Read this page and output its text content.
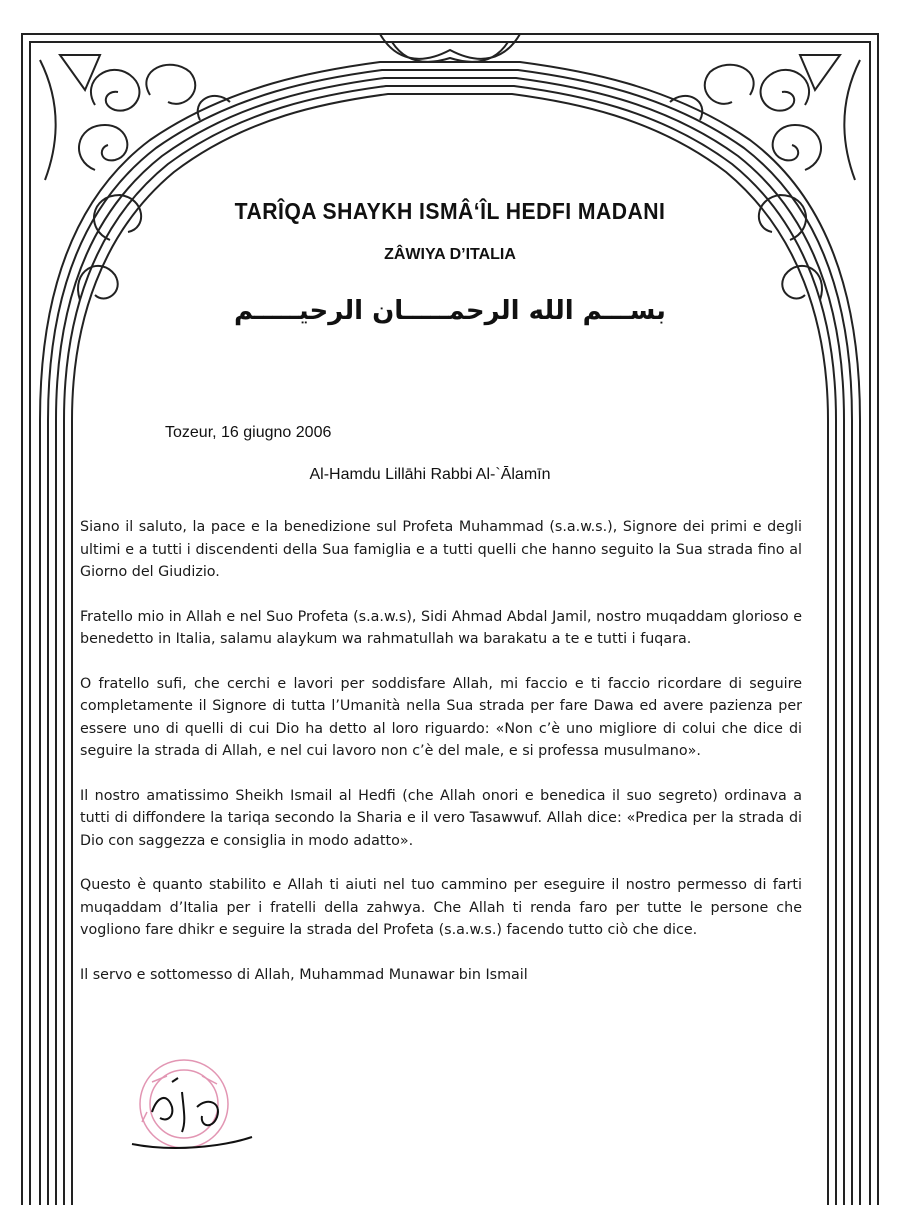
TARÎQA SHAYKH ISMÂ‘ÎL HEDFI MADANI
ZÂWIYA D’ITALIA
بســـم الله الرحمـــــان الرحيـــــم
Tozeur, 16 giugno 2006
Al-Hamdu Lillāhi Rabbi Al-`Ālamīn

Siano il saluto, la pace e la benedizione sul Profeta Muhammad (s.a.w.s.), Signore dei primi e degli ultimi e a tutti i discendenti della Sua famiglia e a tutti quelli che hanno seguito la Sua strada fino al Giorno del Giudizio.

Fratello mio in Allah e nel Suo Profeta (s.a.w.s), Sidi Ahmad Abdal Jamil, nostro muqaddam glorioso e benedetto in Italia, salamu alaykum wa rahmatullah wa barakatu a te e tutti i fuqara.

O fratello sufi, che cerchi e lavori per soddisfare Allah, mi faccio e ti faccio ricordare di seguire completamente il Signore di tutta l’Umanità nella Sua strada per fare Dawa ed avere pazienza per essere uno di quelli di cui Dio ha detto al loro riguardo: «Non c’è uno migliore di colui che dice di seguire la strada di Allah, e nel cui lavoro non c’è del male, e si professa musulmano».

Il nostro amatissimo Sheikh Ismail al Hedfi (che Allah onori e benedica il suo segreto) ordinava a tutti di diffondere la tariqa secondo la Sharia e il vero Tasawwuf. Allah dice: «Predica per la strada di Dio con saggezza e consiglia in modo adatto».

Questo è quanto stabilito e Allah ti aiuti nel tuo cammino per eseguire il nostro permesso di farti muqaddam d’Italia per i fratelli della zahwya. Che Allah ti renda faro per tutte le persone che vogliono fare dhikr e seguire la strada del Profeta (s.a.w.s.) facendo tutto ciò che dice.

Il servo e sottomesso di Allah, Muhammad Munawar bin Ismail
